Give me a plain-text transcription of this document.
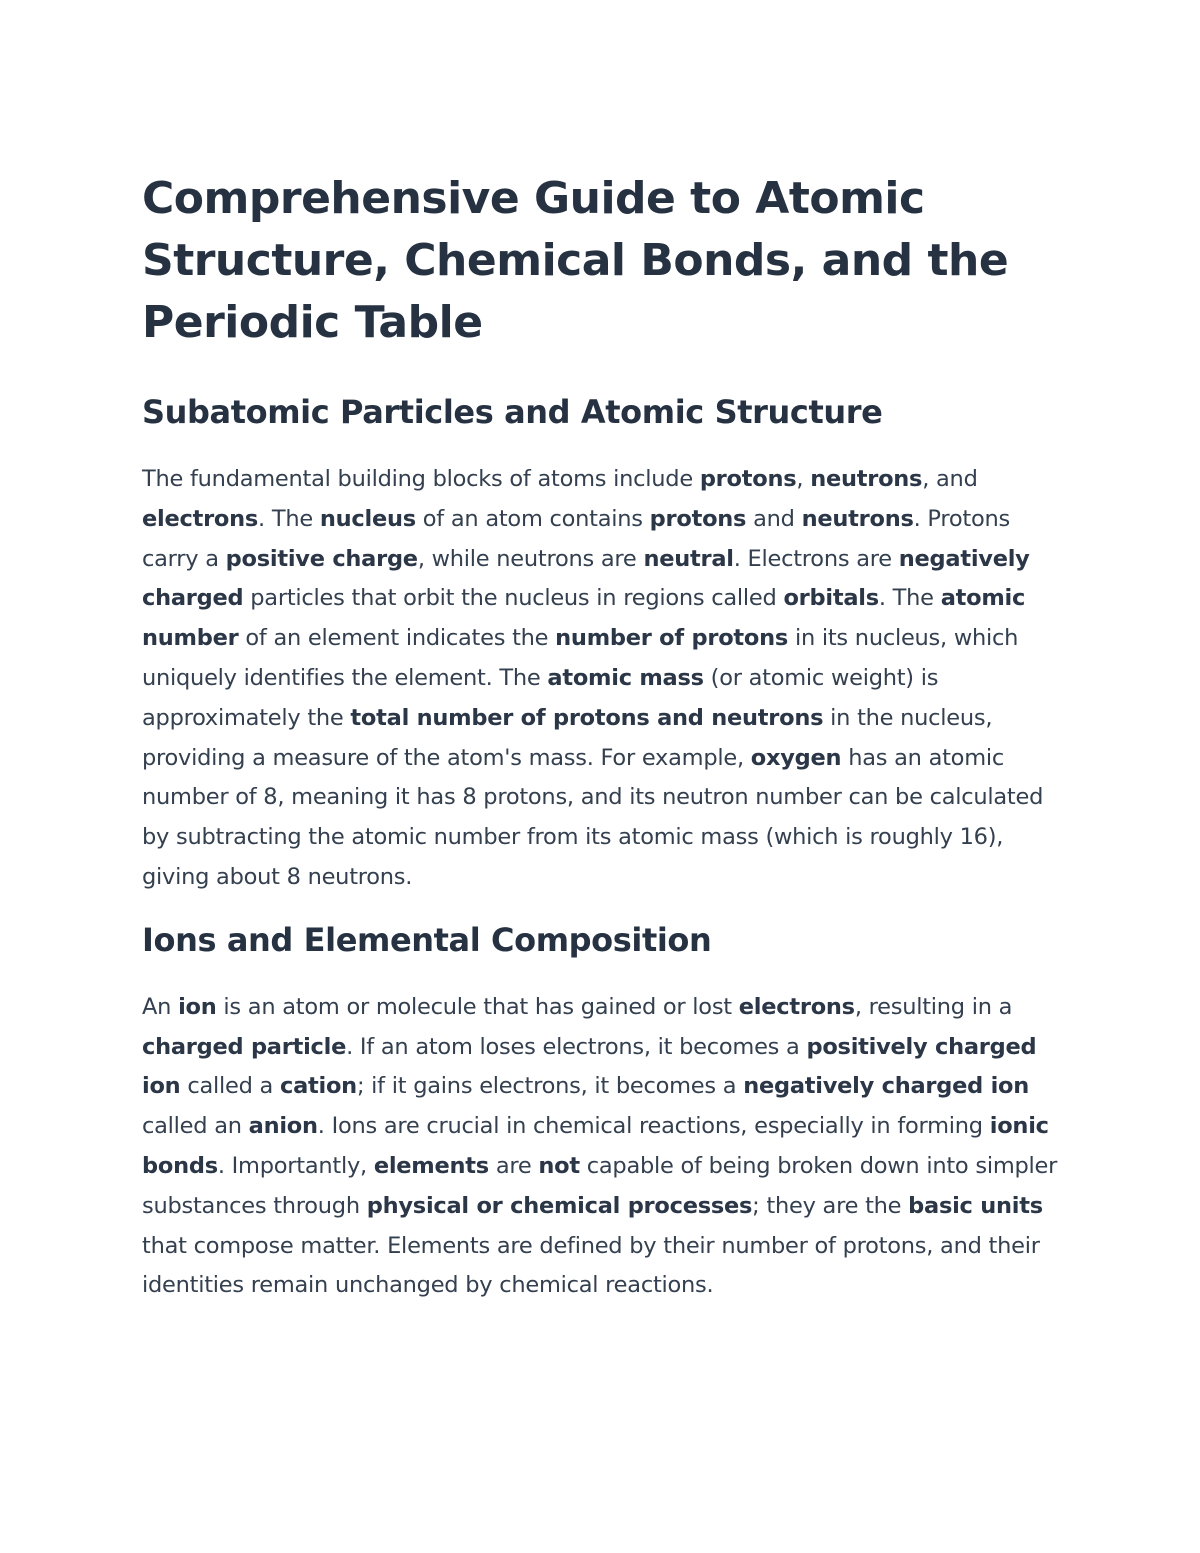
Comprehensive Guide to Atomic Structure, Chemical Bonds, and the Periodic Table
Subatomic Particles and Atomic Structure

The fundamental building blocks of atoms include protons, neutrons, and electrons. The nucleus of an atom contains protons and neutrons. Protons carry a positive charge, while neutrons are neutral. Electrons are negatively charged particles that orbit the nucleus in regions called orbitals. The atomic number of an element indicates the number of protons in its nucleus, which uniquely identifies the element. The atomic mass (or atomic weight) is approximately the total number of protons and neutrons in the nucleus, providing a measure of the atom's mass. For example, oxygen has an atomic number of 8, meaning it has 8 protons, and its neutron number can be calculated by subtracting the atomic number from its atomic mass (which is roughly 16), giving about 8 neutrons.

Ions and Elemental Composition

An ion is an atom or molecule that has gained or lost electrons, resulting in a charged particle. If an atom loses electrons, it becomes a positively charged ion called a cation; if it gains electrons, it becomes a negatively charged ion called an anion. Ions are crucial in chemical reactions, especially in forming ionic bonds. Importantly, elements are not capable of being broken down into simpler substances through physical or chemical processes; they are the basic units that compose matter. Elements are defined by their number of protons, and their identities remain unchanged by chemical reactions.
